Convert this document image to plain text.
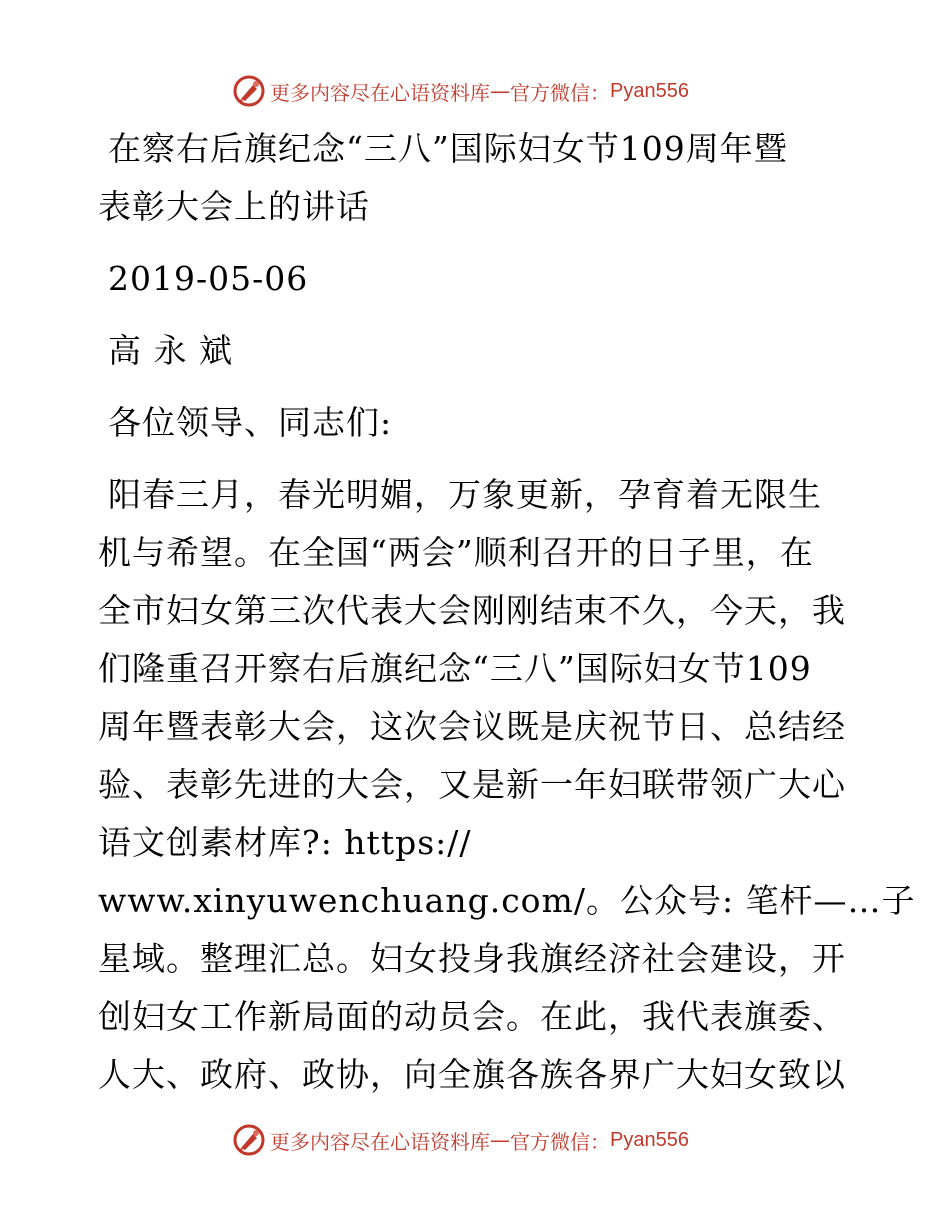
更多内容尽在心语资料库 — 官方微信： Pyan556
在察右后旗纪念“三八”国际妇女节109周年暨
表彰大会上的讲话
2019-05-06
高 永 斌
各位领导、同志们:
阳春三月，春光明媚，万象更新，孕育着无限生
机与希望。在全国“两会”顺利召开的日子里，在
全市妇女第三次代表大会刚刚结束不久，今天，我
们隆重召开察右后旗纪念“三八”国际妇女节109
周年暨表彰大会，这次会议既是庆祝节日、总结经
验、表彰先进的大会，又是新一年妇联带领广大心
语文创素材库?: https://
www.xinyuwenchuang.com/。公众号: 笔杆—…子
星域。整理汇总。妇女投身我旗经济社会建设，开
创妇女工作新局面的动员会。在此，我代表旗委、
人大、政府、政协，向全旗各族各界广大妇女致以
更多内容尽在心语资料库 — 官方微信： Pyan556
